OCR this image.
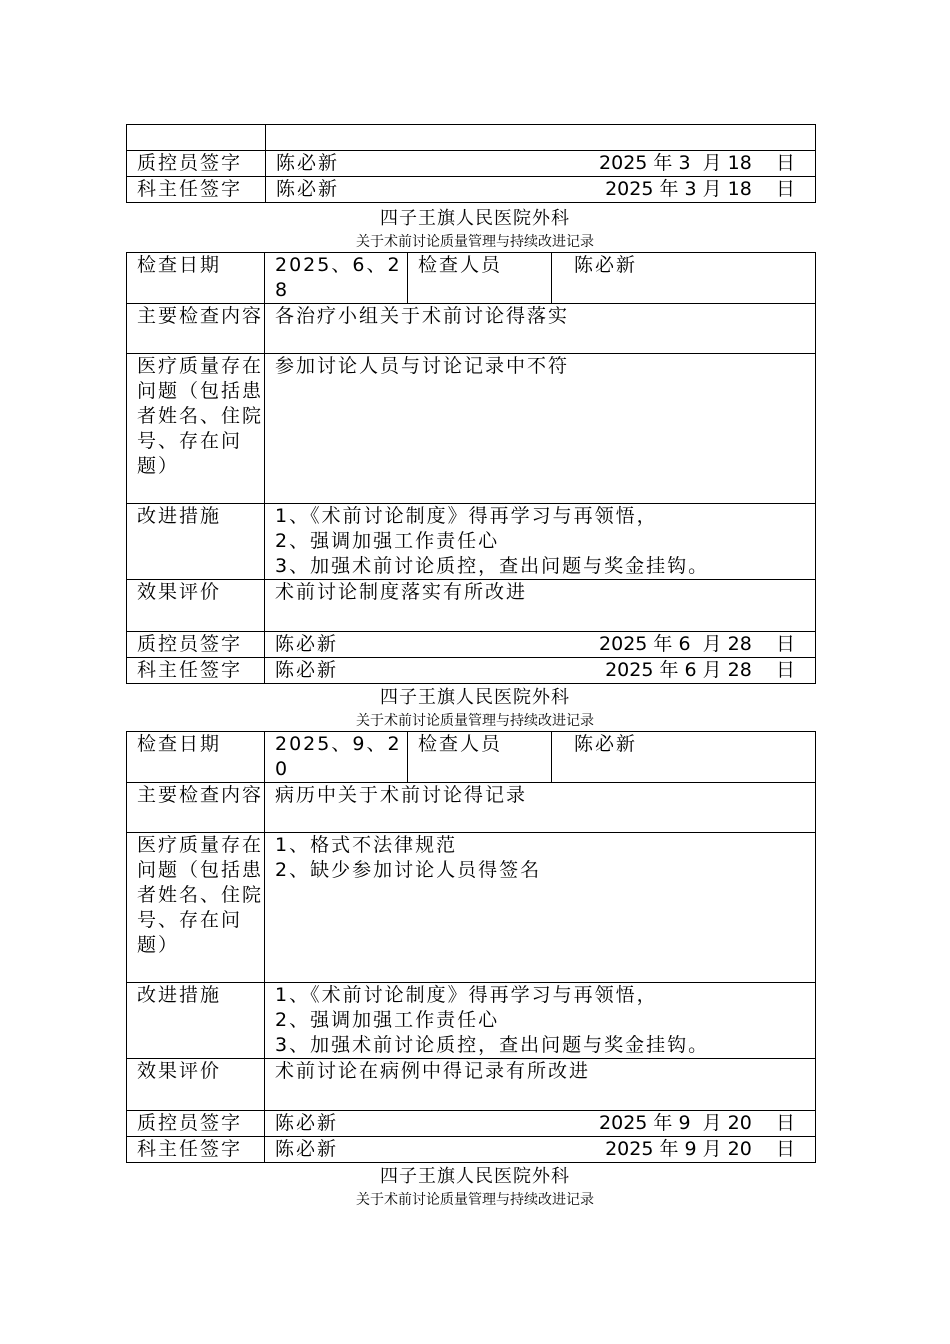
质控员签字	陈必新 2025 年 3  月 18    日

科主任签字	陈必新 2025 年 3 月 18    日
四子王旗人民医院外科
关于术前讨论质量管理与持续改进记录
检查日期	2025、6、28	检查人员	陈必新
主要检查内容	各治疗小组关于术前讨论得落实		
医疗质量存在问题（包括患者姓名、住院号、存在问题）	参加讨论人员与讨论记录中不符		

改进措施	1、《术前讨论制度》得再学习与再领悟，
2、强调加强工作责任心
3、加强术前讨论质控，查出问题与奖金挂钩。		

效果评价	术前讨论制度落实有所改进		
质控员签字	陈必新 2025 年 6  月 28    日		

科主任签字	陈必新 2025 年 6 月 28    日		
四子王旗人民医院外科
关于术前讨论质量管理与持续改进记录
检查日期	2025、9、20	检查人员	陈必新
主要检查内容	病历中关于术前讨论得记录		
医疗质量存在问题（包括患者姓名、住院号、存在问题）	1、格式不法律规范
2、缺少参加讨论人员得签名		

改进措施	1、《术前讨论制度》得再学习与再领悟，
2、强调加强工作责任心
3、加强术前讨论质控，查出问题与奖金挂钩。		

效果评价	术前讨论在病例中得记录有所改进		
质控员签字	陈必新 2025 年 9  月 20    日		

科主任签字	陈必新 2025 年 9 月 20    日		
四子王旗人民医院外科
关于术前讨论质量管理与持续改进记录
